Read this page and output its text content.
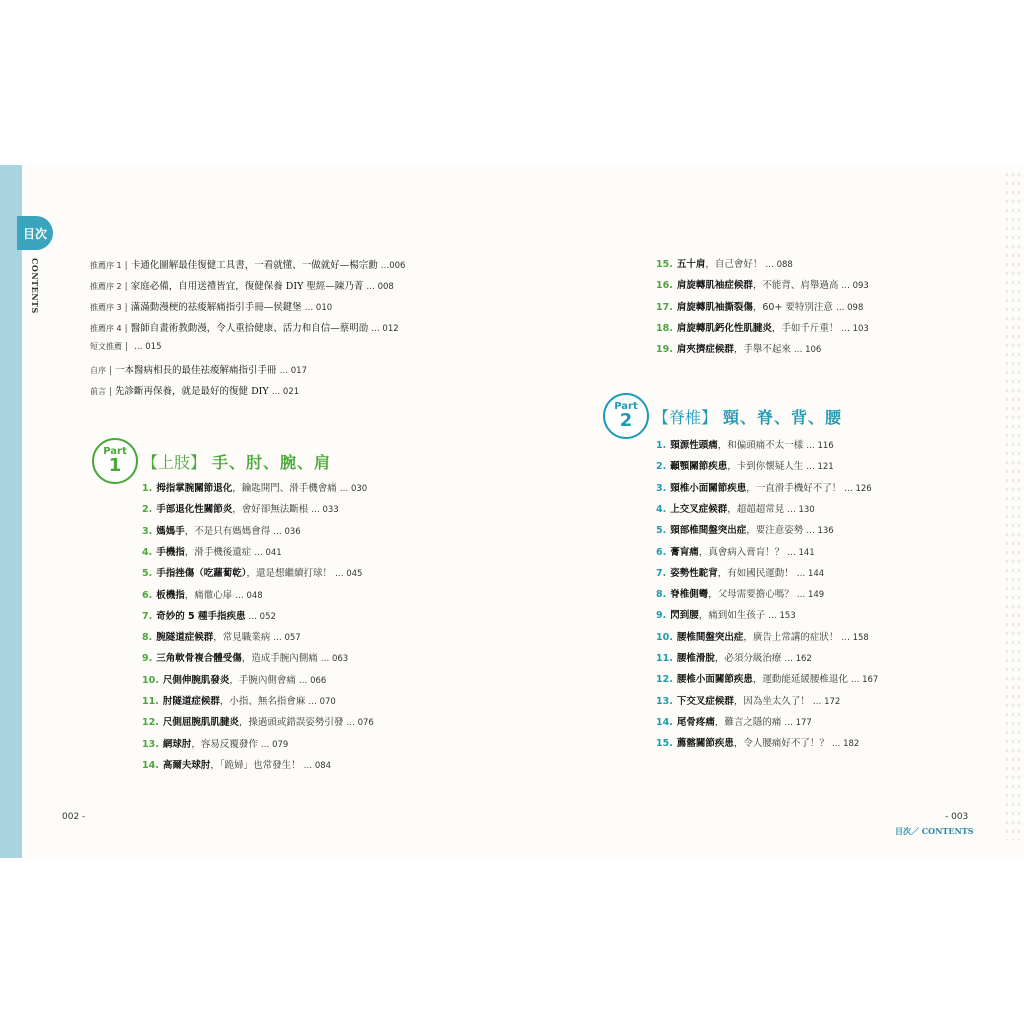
目次
CONTENTS	推薦序 1 | 卡通化圖解最佳復健工具書，一看就懂、一做就好—楊宗勳 …006
推薦序 2 | 家庭必備，自用送禮皆宜，復健保養 DIY 聖經—陳乃菁 … 008
推薦序 3 | 滿滿動漫梗的祛痠解痛指引手冊—侯鍵堡 … 010
推薦序 4 | 醫師自畫術教動漫，令人重拾健康、活力和自信—蔡明劭 … 012
短文推薦 | … 015
自序 | 一本醫病相長的最佳祛痠解痛指引手冊 … 017
前言 | 先診斷再保養，就是最好的復健 DIY … 021
Part
1 【上肢】 手、肘、腕、肩
1. 拇指掌腕關節退化，鑰匙開門、滑手機會痛 … 030
2. 手部退化性關節炎，會好卻無法斷根 … 033
3. 媽媽手，不是只有媽媽會得 … 036
4. 手機指，滑手機後遺症 … 041
5. 手指挫傷（吃蘿蔔乾），還是想繼續打球！ … 045
6. 板機指，痛徹心扉 … 048
7. 奇妙的 5 種手指疾患 … 052
8. 腕隧道症候群，常見職業病 … 057
9. 三角軟骨複合體受傷，造成手腕內側痛 … 063
10. 尺側伸腕肌發炎，手腕內側會痛 … 066
11. 肘隧道症候群，小指、無名指會麻 … 070
12. 尺側屈腕肌肌腱炎，操過頭或錯誤姿勢引發 … 076
13. 網球肘，容易反覆發作 … 079
14. 高爾夫球肘，「跪婦」也常發生！ … 084
15. 五十肩，自己會好！ … 088
16. 肩旋轉肌袖症候群，不能背、肩舉過高 … 093
17. 肩旋轉肌袖撕裂傷，60+ 要特別注意 … 098
18. 肩旋轉肌鈣化性肌腱炎，手如千斤重！ … 103
19. 肩夾擠症候群，手舉不起來 … 106
Part
2 【脊椎】 頸、脊、背、腰
1. 頸源性頭痛，和偏頭痛不太一樣 … 116
2. 顳顎關節疾患，卡到你懷疑人生 … 121
3. 頸椎小面關節疾患，一直滑手機好不了！ … 126
4. 上交叉症候群，超超超常見 … 130
5. 頸部椎間盤突出症，要注意姿勢 … 136
6. 膏肓痛，真會病入膏肓！？ … 141
7. 姿勢性駝背，有如國民運動！ … 144
8. 脊椎側彎，父母需要擔心嗎？ … 149
9. 閃到腰，痛到如生孩子 … 153
10. 腰椎間盤突出症，廣告上常講的症狀！ … 158
11. 腰椎滑脫，必須分級治療 … 162
12. 腰椎小面關節疾患，運動能延緩腰椎退化 … 167
13. 下交叉症候群，因為坐太久了！ … 172
14. 尾骨疼痛，難言之隱的痛 … 177
15. 薦髂關節疾患，令人腰痛好不了！？ … 182
002 -	- 003
目次／ CONTENTS
